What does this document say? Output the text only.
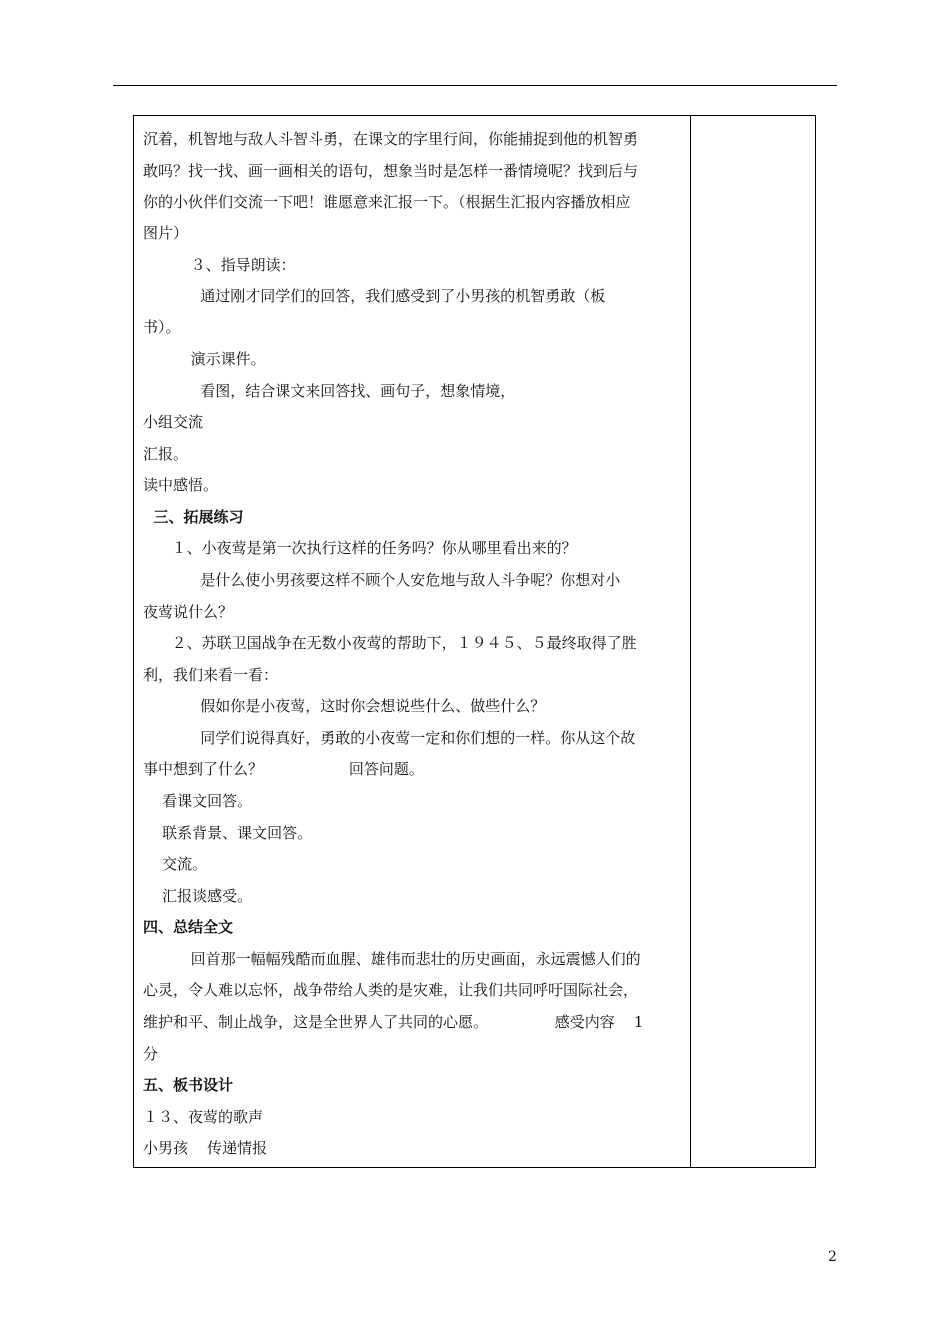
沉着，机智地与敌人斗智斗勇，在课文的字里行间，你能捕捉到他的机智勇
敢吗？找一找、画一画相关的语句，想象当时是怎样一番情境呢？找到后与
你的小伙伴们交流一下吧！谁愿意来汇报一下。（根据生汇报内容播放相应
图片）
３、指导朗读：
通过刚才同学们的回答，我们感受到了小男孩的机智勇敢（板
书）。
演示课件。
看图，结合课文来回答找、画句子，想象情境，
小组交流
汇报。
读中感悟。
三、拓展练习
１、小夜莺是第一次执行这样的任务吗？你从哪里看出来的？
是什么使小男孩要这样不顾个人安危地与敌人斗争呢？你想对小
夜莺说什么？
２、苏联卫国战争在无数小夜莺的帮助下，１９４５、５最终取得了胜
利，我们来看一看：
假如你是小夜莺，这时你会想说些什么、做些什么？
同学们说得真好，勇敢的小夜莺一定和你们想的一样。你从这个故
事中想到了什么？                  回答问题。
看课文回答。
联系背景、课文回答。
交流。
汇报谈感受。
四、总结全文
回首那一幅幅残酷而血腥、雄伟而悲壮的历史画面，永远震憾人们的
心灵，令人难以忘怀，战争带给人类的是灾难，让我们共同呼吁国际社会，
维护和平、制止战争，这是全世界人了共同的心愿。              感受内容    1
分
五、板书设计
１３、夜莺的歌声
小男孩    传递情报
2
